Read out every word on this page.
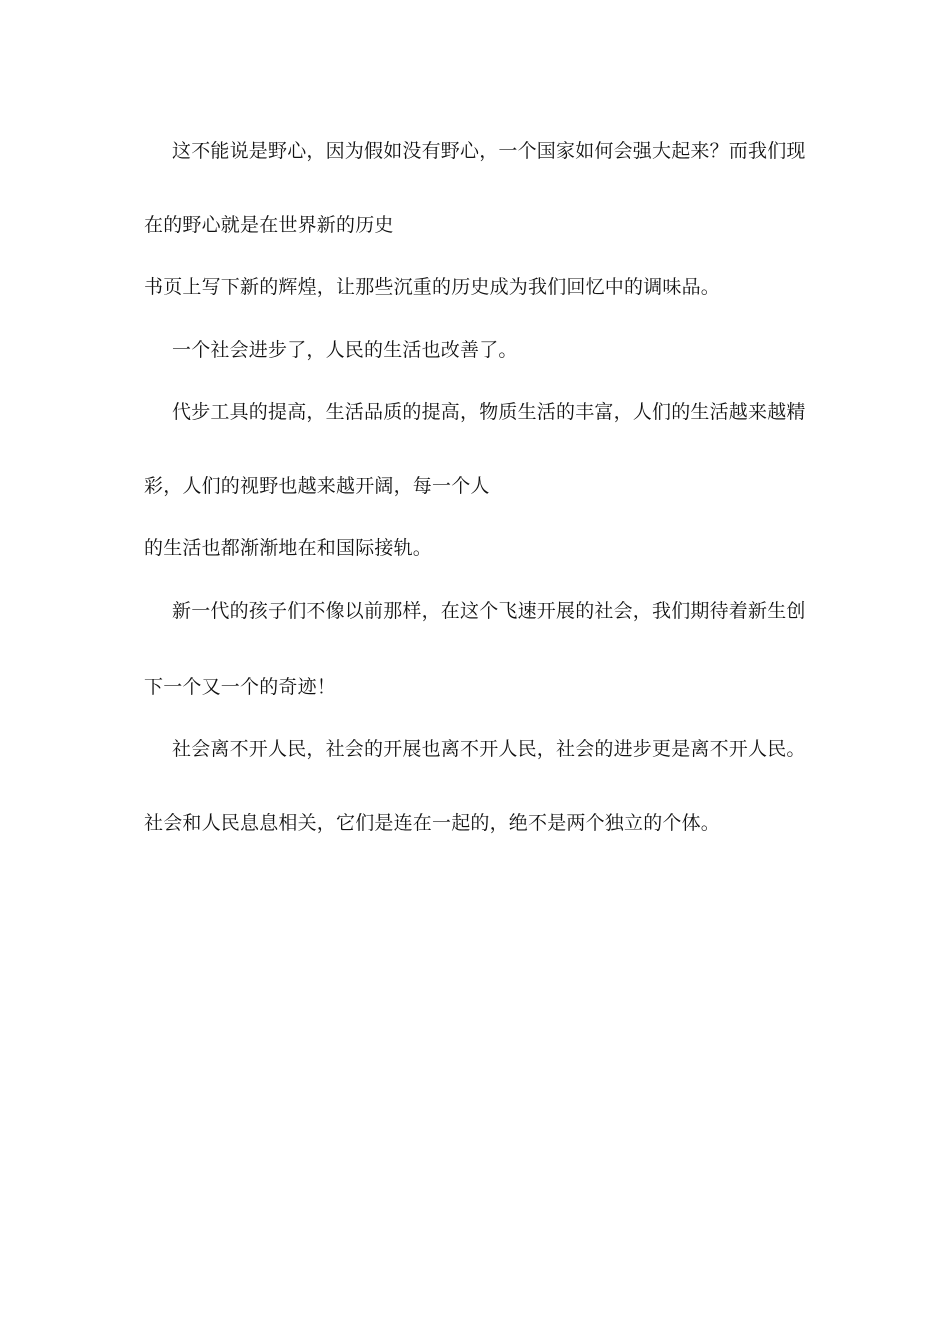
这不能说是野心，因为假如没有野心，一个国家如何会强大起来？而我们现
在的野心就是在世界新的历史
书页上写下新的辉煌，让那些沉重的历史成为我们回忆中的调味品。
一个社会进步了，人民的生活也改善了。
代步工具的提高，生活品质的提高，物质生活的丰富，人们的生活越来越精
彩，人们的视野也越来越开阔，每一个人
的生活也都渐渐地在和国际接轨。
新一代的孩子们不像以前那样，在这个飞速开展的社会，我们期待着新生创
下一个又一个的奇迹！
社会离不开人民，社会的开展也离不开人民，社会的进步更是离不开人民。
社会和人民息息相关，它们是连在一起的，绝不是两个独立的个体。
